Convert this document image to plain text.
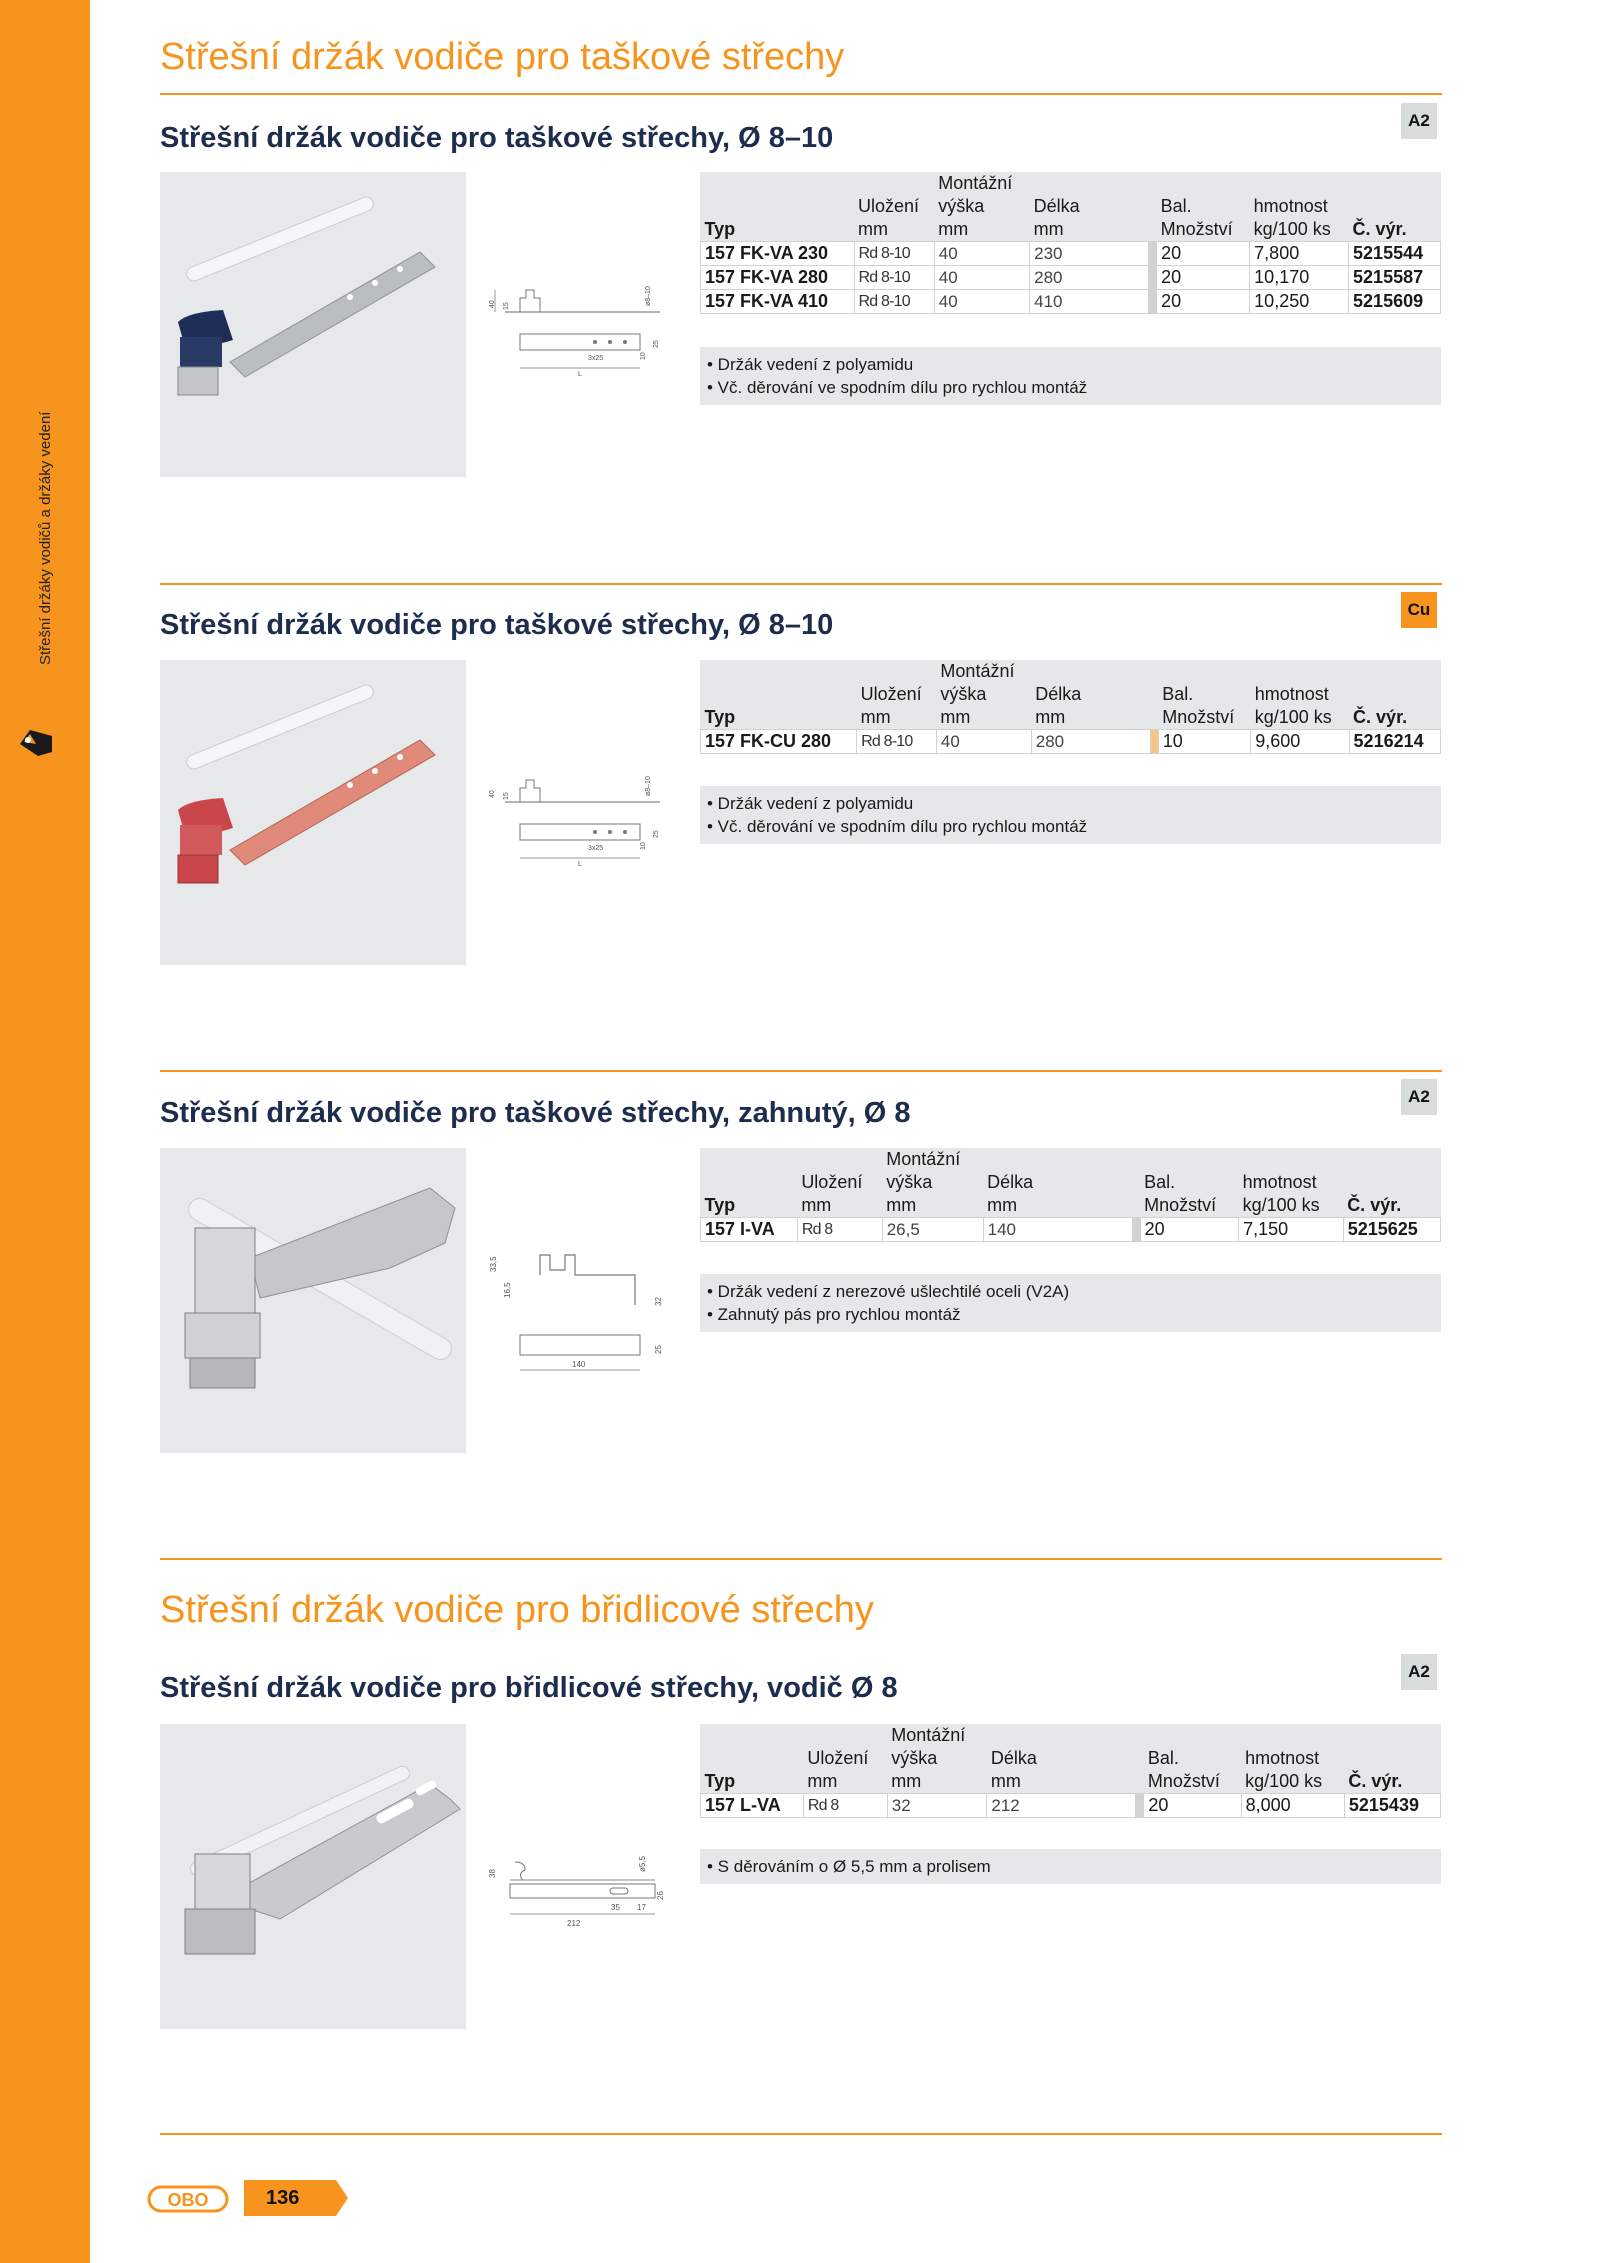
Střešní držáky vodičů a držáky vedení
Střešní držák vodiče pro taškové střechy
Střešní držák vodiče pro taškové střechy, Ø 8–10
A2
40 15
ø8–10
25
3x25	10
L
		Montážní					
	Uložení	výška	Délka		Bal.	hmotnost	
Typ	mm	mm	mm		Množství	kg/100 ks	Č. výr.
157 FK-VA 230	Rd 8-10	40	230		20	7,800	5215544
157 FK-VA 280	Rd 8-10	40	280		20	10,170	5215587
157 FK-VA 410	Rd 8-10	40	410		20	10,250	5215609
• Držák vedení z polyamidu
• Vč. děrování ve spodním dílu pro rychlou montáž
Střešní držák vodiče pro taškové střechy, Ø 8–10	Cu
40 15
ø8–10
25
3x25	10
L
		Montážní					
	Uložení	výška	Délka		Bal.	hmotnost	
Typ	mm	mm	mm		Množství	kg/100 ks	Č. výr.
157 FK-CU 280	Rd 8-10	40	280		10	9,600	5216214
• Držák vedení z polyamidu
• Vč. děrování ve spodním dílu pro rychlou montáž
Střešní držák vodiče pro taškové střechy, zahnutý, Ø 8
A2
33,5
16,5
32
25
140
		Montážní					
	Uložení	výška	Délka		Bal.	hmotnost	
Typ	mm	mm	mm		Množství	kg/100 ks	Č. výr.
157 I-VA	Rd 8	26,5	140		20	7,150	5215625
• Držák vedení z nerezové ušlechtilé oceli (V2A)
• Zahnutý pás pro rychlou montáž
Střešní držák vodiče pro břidlicové střechy
Střešní držák vodiče pro břidlicové střechy, vodič Ø 8
A2
38
ø5,5
26
212
35 17
		Montážní					
	Uložení	výška	Délka		Bal.	hmotnost	
Typ	mm	mm	mm		Množství	kg/100 ks	Č. výr.
157 L-VA	Rd 8	32	212		20	8,000	5215439
• S děrováním o Ø 5,5 mm a prolisem
OBO	136
